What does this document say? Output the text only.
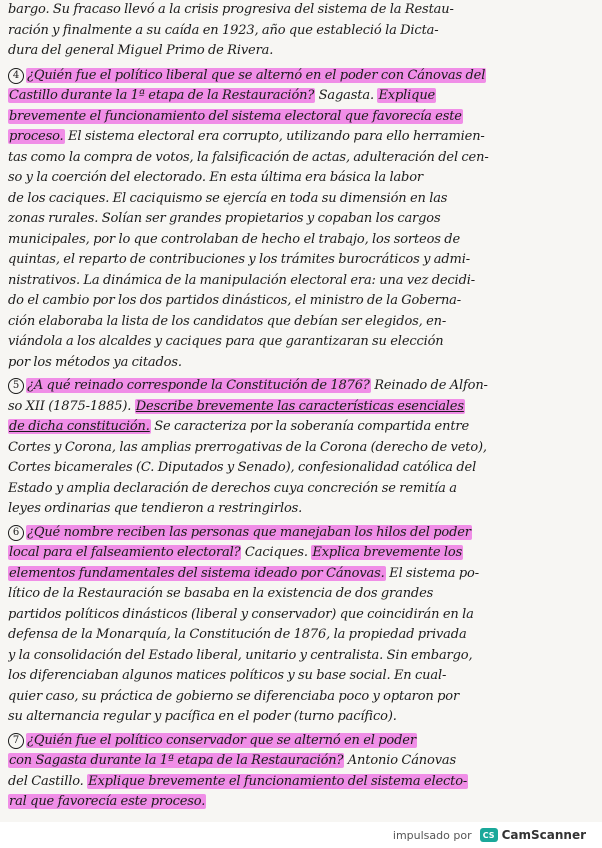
bargo. Su fracaso llevó a la crisis progresiva del sistema de la Restau-
ración y finalmente a su caída en 1923, año que estableció la Dicta-
dura del general Miguel Primo de Rivera.

4 ¿Quién fue el político liberal que se alternó en el poder con Cánovas del
Castillo durante la 1ª etapa de la Restauración? Sagasta. Explique
brevemente el funcionamiento del sistema electoral que favorecía este
proceso. El sistema electoral era corrupto, utilizando para ello herramien-
tas como la compra de votos, la falsificación de actas, adulteración del cen-
so y la coerción del electorado. En esta última era básica la labor
de los caciques. El caciquismo se ejercía en toda su dimensión en las
zonas rurales. Solían ser grandes propietarios y copaban los cargos
municipales, por lo que controlaban de hecho el trabajo, los sorteos de
quintas, el reparto de contribuciones y los trámites burocráticos y admi-
nistrativos. La dinámica de la manipulación electoral era: una vez decidi-
do el cambio por los dos partidos dinásticos, el ministro de la Goberna-
ción elaboraba la lista de los candidatos que debían ser elegidos, en-
viándola a los alcaldes y caciques para que garantizaran su elección
por los métodos ya citados.

5 ¿A qué reinado corresponde la Constitución de 1876? Reinado de Alfon-
so XII (1875-1885). Describe brevemente las características esenciales
de dicha constitución. Se caracteriza por la soberanía compartida entre
Cortes y Corona, las amplias prerrogativas de la Corona (derecho de veto),
Cortes bicamerales (C. Diputados y Senado), confesionalidad católica del
Estado y amplia declaración de derechos cuya concreción se remitía a
leyes ordinarias que tendieron a restringirlos.

6 ¿Qué nombre reciben las personas que manejaban los hilos del poder
local para el falseamiento electoral? Caciques. Explica brevemente los
elementos fundamentales del sistema ideado por Cánovas. El sistema po-
lítico de la Restauración se basaba en la existencia de dos grandes
partidos políticos dinásticos (liberal y conservador) que coincidirán en la
defensa de la Monarquía, la Constitución de 1876, la propiedad privada
y la consolidación del Estado liberal, unitario y centralista. Sin embargo,
los diferenciaban algunos matices políticos y su base social. En cual-
quier caso, su práctica de gobierno se diferenciaba poco y optaron por
su alternancia regular y pacífica en el poder (turno pacífico).

7 ¿Quién fue el político conservador que se alternó en el poder
con Sagasta durante la 1ª etapa de la Restauración? Antonio Cánovas
del Castillo. Explique brevemente el funcionamiento del sistema electo-
ral que favorecía este proceso.

impulsado por	CS CamScanner
